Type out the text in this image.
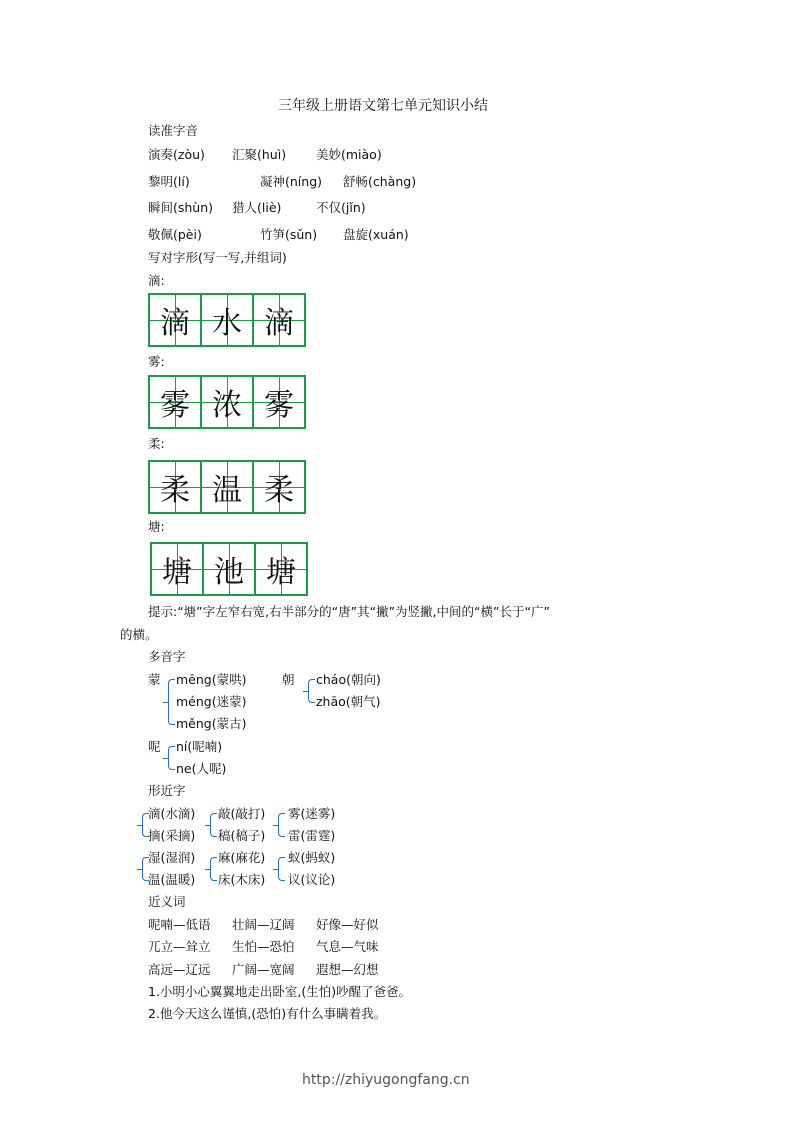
三年级上册语文第七单元知识小结
读准字音
演奏(zòu) 汇聚(huì) 美妙(miào)
黎明(lí)	凝神(níng) 舒畅(chàng)
瞬间(shùn) 猎人(liè)	不仅(jǐn)
敬佩(pèi)	竹笋(sǔn) 盘旋(xuán)
写对字形(写一写,并组词)
滴:
滴 水 滴
雾:
雾 浓 雾
柔:
柔 温 柔
塘:
塘 池 塘
提示:“塘”字左窄右宽,右半部分的“唐”其“撇”为竖撇,中间的“横”长于“广”
的横。
多音字
蒙 mēng(蒙哄)
méng(迷蒙)
měng(蒙古)
朝 cháo(朝向)
zhāo(朝气)
呢 ní(呢喃)
ne(人呢)
形近字
滴(水滴) 敲(敲打) 雾(迷雾)
摘(采摘) 稿(稿子) 雷(雷霆)
湿(湿润) 麻(麻花) 蚁(蚂蚁)
温(温暖) 床(木床) 议(议论)
近义词
呢喃—低语 壮阔—辽阔 好像—好似
兀立—耸立 生怕—恐怕 气息—气味
高远—辽远 广阔—宽阔 遐想—幻想
1.小明小心翼翼地走出卧室,(生怕)吵醒了爸爸。
2.他今天这么谨慎,(恐怕)有什么事瞒着我。
http://zhiyugongfang.cn
